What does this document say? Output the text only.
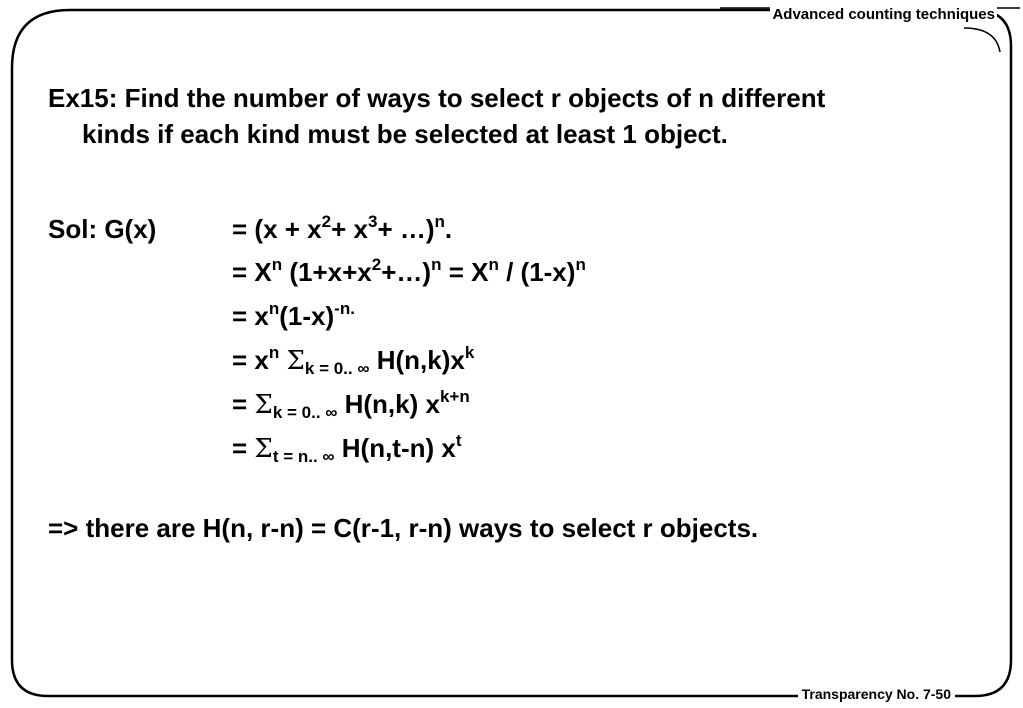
Advanced counting techniques
Transparency No. 7-50
Ex15: Find the number of ways to select r objects of n different
kinds if each kind must be selected at least 1 object.
Sol: G(x)	= ($x + x^2+ x^3+$ …)$^n$.
= $X^n$ $(1+x+x^2+\dots)^n = X^n / (1-x)^n$
= $x^n(1-x)^{-n.}$
= $x^n$ $\Sigma_{k = 0.. \infty}$ $H(n,k)x^k$
= $\Sigma_{k = 0.. \infty}$ H(n,k) $x^{k+n}$
= $\Sigma_{t = n.. \infty}$ H(n,t-n) $x^t$
=> there are H(n, r-n) = C(r-1, r-n) ways to select r objects.
